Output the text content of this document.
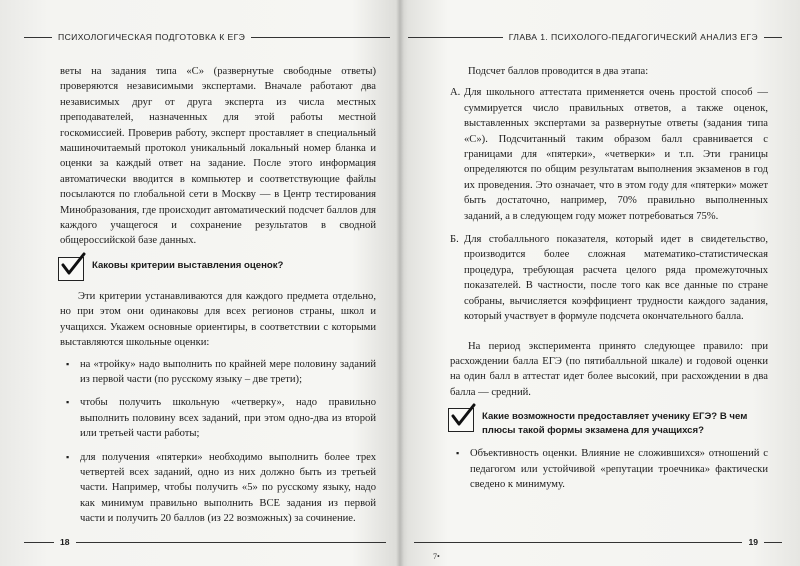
ПСИХОЛОГИЧЕСКАЯ ПОДГОТОВКА К ЕГЭ

веты на задания типа «С» (развернутые свободные ответы) проверяются независимыми экспертами. Вначале работают два независимых друг от друга эксперта из числа местных преподавателей, назначенных для этой работы местной госкомиссией. Проверив работу, эксперт проставляет в специальный машиночитаемый протокол уникальный локальный номер бланка и оценки за каждый ответ на задание. После этого информация автоматически вводится в компьютер и соответствующие файлы посылаются по глобальной сети в Москву — в Центр тестирования Минобразования, где происходит автоматический подсчет баллов для каждого учащегося и сохранение результатов в сводной общероссийской базе данных.

Каковы критерии выставления оценок?

Эти критерии устанавливаются для каждого предмета отдельно, но при этом они одинаковы для всех регионов страны, школ и учащихся. Укажем основные ориентиры, в соответствии с которыми выставляются школьные оценки:

▪ на «тройку» надо выполнить по крайней мере половину заданий из первой части (по русскому языку – две трети);
▪ чтобы получить школьную «четверку», надо правильно выполнить половину всех заданий, при этом одно-два из второй или третьей части работы;
▪ для получения «пятерки» необходимо выполнить более трех четвертей всех заданий, одно из них должно быть из третьей части. Например, чтобы получить «5» по русскому языку, надо как минимум правильно выполнить ВСЕ задания из первой части и получить 20 баллов (из 22 возможных) за сочинение.
18
ГЛАВА 1. ПСИХОЛОГО-ПЕДАГОГИЧЕСКИЙ АНАЛИЗ ЕГЭ

Подсчет баллов проводится в два этапа:

А. Для школьного аттестата применяется очень простой способ — суммируется число правильных ответов, а также оценок, выставленных экспертами за развернутые ответы (задания типа «С»). Подсчитанный таким образом балл сравнивается с границами для «пятерки», «четверки» и т.п. Эти границы определяются по общим результатам выполнения экзаменов в год их проведения. Это означает, что в этом году для «пятерки» может быть достаточно, например, 70% правильно выполненных заданий, а в следующем году может потребоваться 75%.
Б. Для стобалльного показателя, который идет в свидетельство, производится более сложная математико-статистическая процедура, требующая расчета целого ряда промежуточных показателей. В частности, после того как все данные по стране собраны, вычисляется коэффициент трудности каждого задания, который участвует в формуле подсчета окончательного балла.

На период эксперимента принято следующее правило: при расхождении балла ЕГЭ (по пятибалльной шкале) и годовой оценки на один балл в аттестат идет более высокий, при расхождении в два балла — средний.

Какие возможности предоставляет ученику ЕГЭ? В чем плюсы такой формы экзамена для учащихся?
▪ Объективность оценки. Влияние не сложившихся» отношений с педагогом или устойчивой «репутации троечника» фактически сведено к минимуму.
19
7•
